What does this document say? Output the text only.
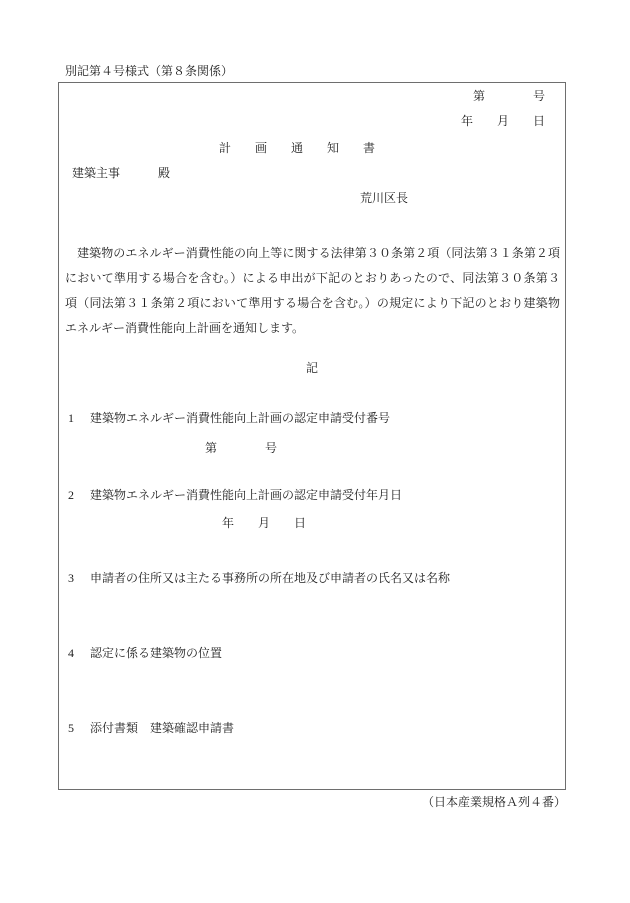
別記第４号様式（第８条関係）
第　　　　号
年　　月　　日
計　　画　　通　　知　　書
建築主事	殿
荒川区長

　建築物のエネルギー消費性能の向上等に関する法律第３０条第２項（同法第３１条第２項において準用する場合を含む。）による申出が下記のとおりあったので、同法第３０条第３項（同法第３１条第２項において準用する場合を含む。）の規定により下記のとおり建築物エネルギー消費性能向上計画を通知します。

記
1 建築物エネルギー消費性能向上計画の認定申請受付番号
第　　　　号
2 建築物エネルギー消費性能向上計画の認定申請受付年月日
年　　月　　日
3 申請者の住所又は主たる事務所の所在地及び申請者の氏名又は名称
4 認定に係る建築物の位置
5 添付書類　建築確認申請書
（日本産業規格Ａ列４番）
